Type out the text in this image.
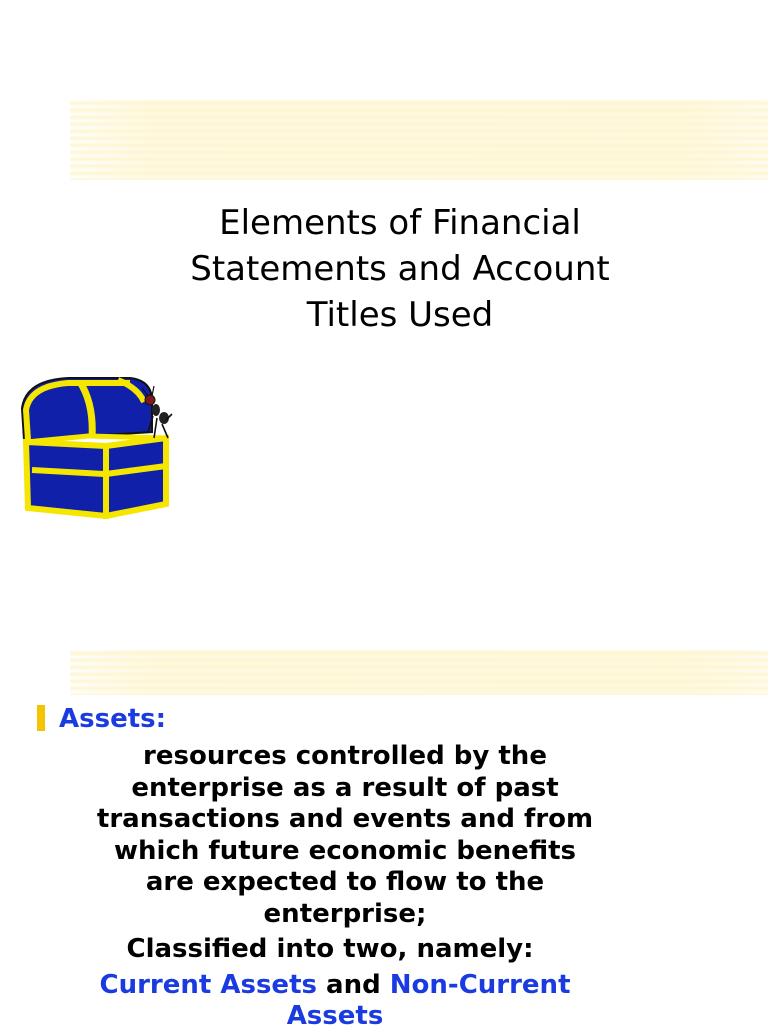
Elements of Financial
Statements and Account
Titles Used
Assets:
resources controlled by the
enterprise as a result of past
transactions and events and from
which future economic benefits
are expected to flow to the
enterprise;
Classified into two, namely:
Current Assets and Non-Current
Assets
